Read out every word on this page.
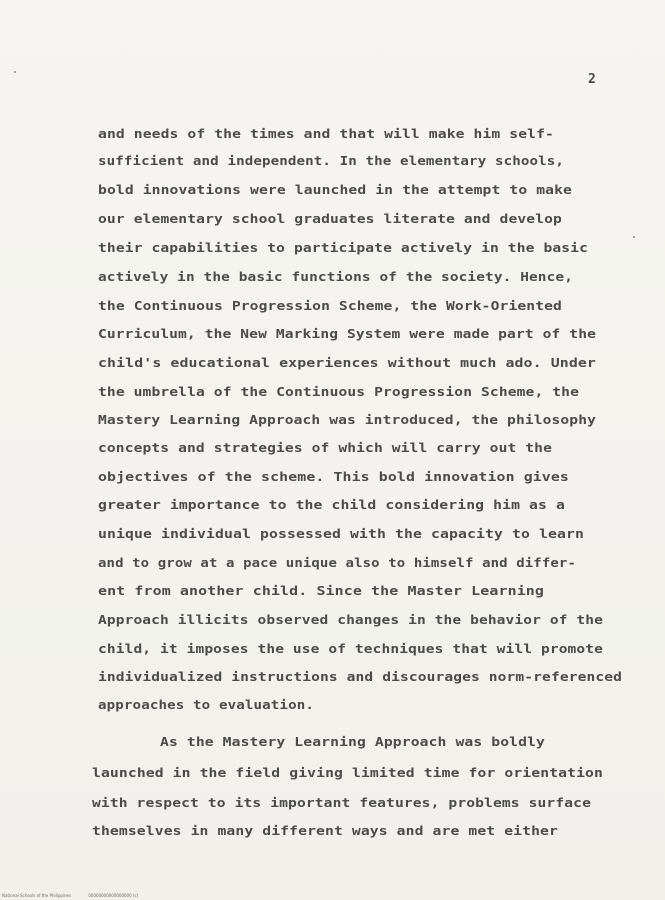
2
and needs of the times and that will make him self-
sufficient and independent. In the elementary schools,
bold innovations were launched in the attempt to make
our elementary school graduates literate and develop
their capabilities to participate actively in the basic
actively in the basic functions of the society. Hence,
the Continuous Progression Scheme, the Work-Oriented
Curriculum, the New Marking System were made part of the
child's educational experiences without much ado. Under
the umbrella of the Continuous Progression Scheme, the
Mastery Learning Approach was introduced, the philosophy
concepts and strategies of which will carry out the
objectives of the scheme. This bold innovation gives
greater importance to the child considering him as a
unique individual possessed with the capacity to learn
and to grow at a pace unique also to himself and differ-
ent from another child. Since the Master Learning
Approach illicits observed changes in the behavior of the
child, it imposes the use of techniques that will promote
individualized instructions and discourages norm-referenced
approaches to evaluation.
As the Mastery Learning Approach was boldly
launched in the field giving limited time for orientation
with respect to its important features, problems surface
themselves in many different ways and are met either
National Schools of the Philippines	00000000000000000 (c)
